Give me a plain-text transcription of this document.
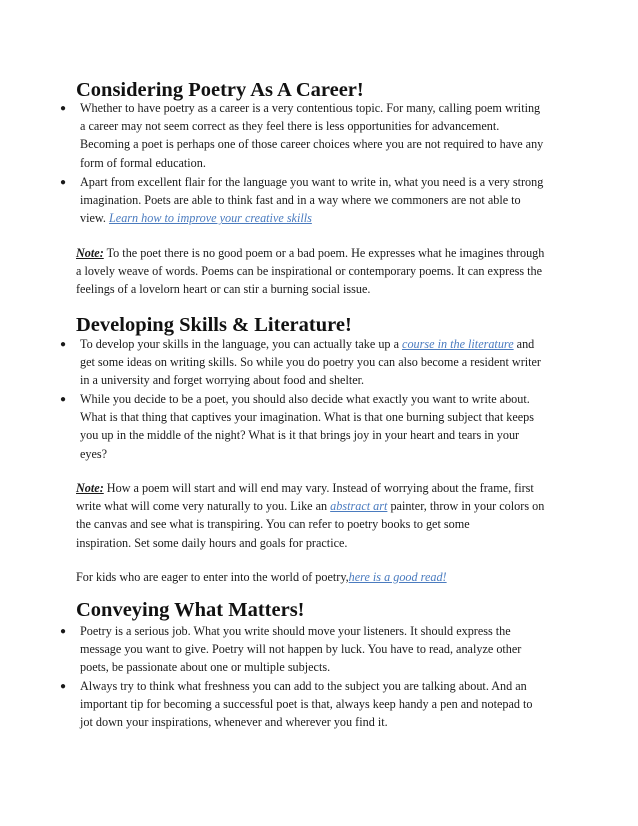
Considering Poetry As A Career!
● Whether to have poetry as a career is a very contentious topic. For many, calling poem writing
a career may not seem correct as they feel there is less opportunities for advancement.
Becoming a poet is perhaps one of those career choices where you are not required to have any
form of formal education.
● Apart from excellent flair for the language you want to write in, what you need is a very strong
imagination. Poets are able to think fast and in a way where we commoners are not able to
view. Learn how to improve your creative skills
Note: To the poet there is no good poem or a bad poem. He expresses what he imagines through
a lovely weave of words. Poems can be inspirational or contemporary poems. It can express the
feelings of a lovelorn heart or can stir a burning social issue.
Developing Skills & Literature!
● To develop your skills in the language, you can actually take up a course in the literature and
get some ideas on writing skills. So while you do poetry you can also become a resident writer
in a university and forget worrying about food and shelter.
● While you decide to be a poet, you should also decide what exactly you want to write about.
What is that thing that captives your imagination. What is that one burning subject that keeps
you up in the middle of the night? What is it that brings joy in your heart and tears in your
eyes?
Note: How a poem will start and will end may vary. Instead of worrying about the frame, first
write what will come very naturally to you. Like an abstract art painter, throw in your colors on
the canvas and see what is transpiring. You can refer to poetry books to get some
inspiration. Set some daily hours and goals for practice.
For kids who are eager to enter into the world of poetry,here is a good read!
Conveying What Matters!
● Poetry is a serious job. What you write should move your listeners. It should express the
message you want to give. Poetry will not happen by luck. You have to read, analyze other
poets, be passionate about one or multiple subjects.
● Always try to think what freshness you can add to the subject you are talking about. And an
important tip for becoming a successful poet is that, always keep handy a pen and notepad to
jot down your inspirations, whenever and wherever you find it.
